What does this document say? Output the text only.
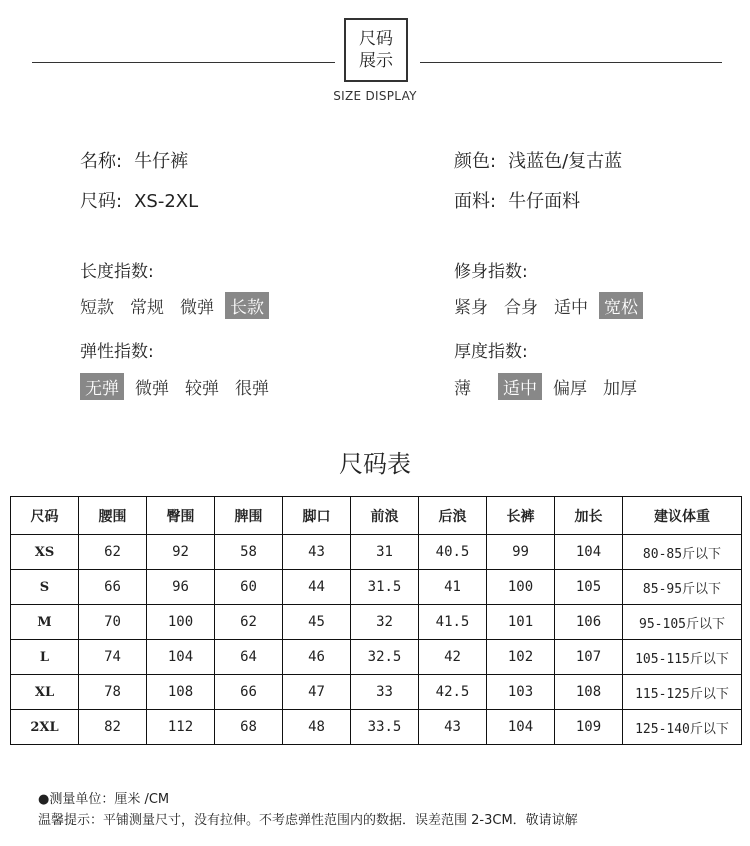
尺码
展示
SIZE DISPLAY
名称: 牛仔裤
尺码: XS-2XL
颜色: 浅蓝色/复古蓝
面料: 牛仔面料
长度指数:
短款 常规 微弹 长款
修身指数:
紧身 合身 适中 宽松
弹性指数:
无弹 微弹 较弹 很弹
厚度指数:
薄 适中 偏厚 加厚
尺码表
尺码	腰围	臀围	脾围	脚口	前浪	后浪	长裤	加长	建议体重
XS	62	92	58	43	31	40.5	99	104	80-85斤以下
S	66	96	60	44	31.5	41	100	105	85-95斤以下
M	70	100	62	45	32	41.5	101	106	95-105斤以下
L	74	104	64	46	32.5	42	102	107	105-115斤以下
XL	78	108	66	47	33	42.5	103	108	115-125斤以下
2XL	82	112	68	48	33.5	43	104	109	125-140斤以下
●测量单位：厘米 /CM
温馨提示：平铺测量尺寸，没有拉伸。不考虑弹性范围内的数据．误差范围 2-3CM．敬请谅解
